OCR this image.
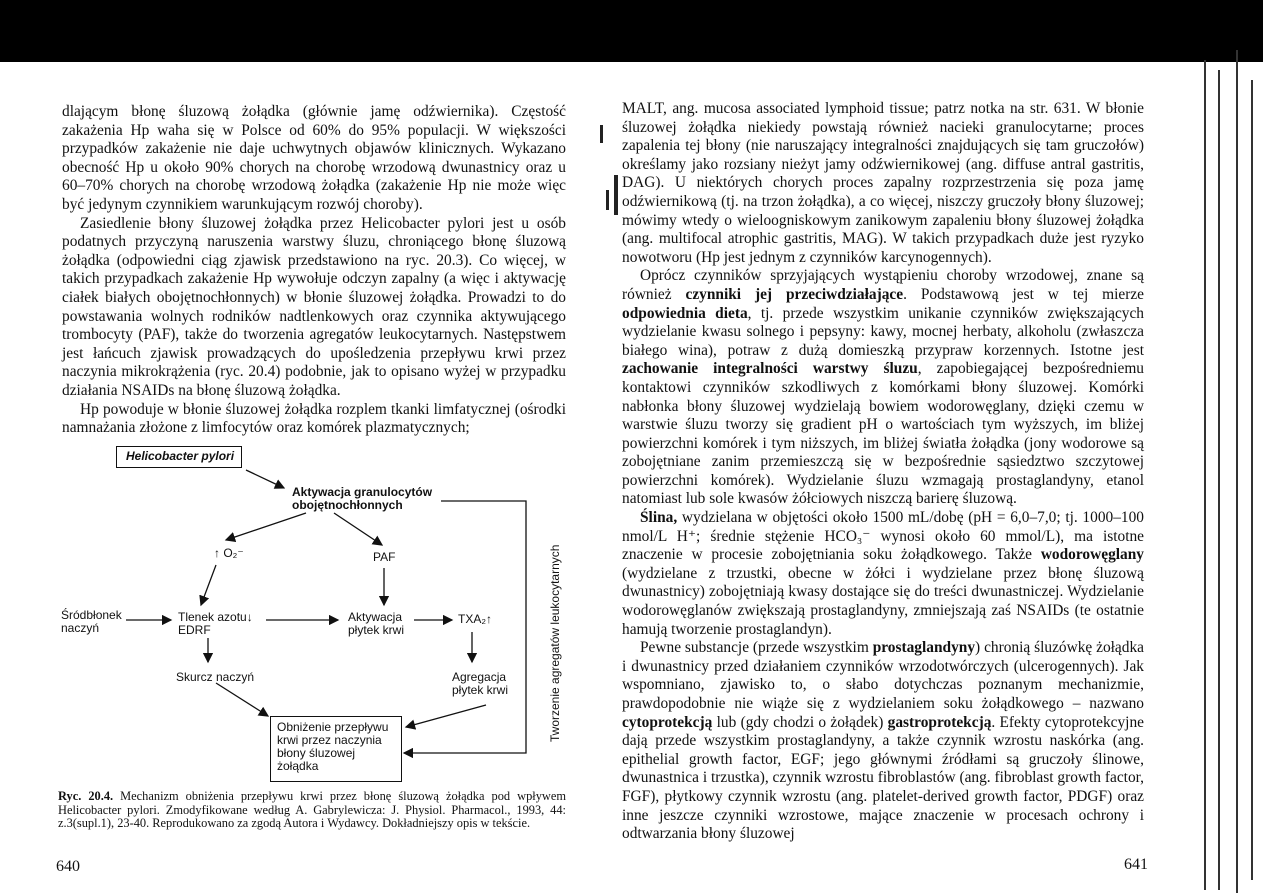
dlającym błonę śluzową żołądka (głównie jamę odźwiernika). Częstość zakażenia Hp waha się w Polsce od 60% do 95% populacji. W większości przypadków zakażenie nie daje uchwytnych objawów klinicznych. Wykazano obecność Hp u około 90% chorych na chorobę wrzodową dwunastnicy oraz u 60–70% chorych na chorobę wrzodową żołądka (zakażenie Hp nie może więc być jedynym czynnikiem warunkującym rozwój choroby).

Zasiedlenie błony śluzowej żołądka przez Helicobacter pylori jest u osób podatnych przyczyną naruszenia warstwy śluzu, chroniącego błonę śluzową żołądka (odpowiedni ciąg zjawisk przedstawiono na ryc. 20.3). Co więcej, w takich przypadkach zakażenie Hp wywołuje odczyn zapalny (a więc i aktywację ciałek białych obojętnochłonnych) w błonie śluzowej żołądka. Prowadzi to do powstawania wolnych rodników nadtlenkowych oraz czynnika aktywującego trombocyty (PAF), także do tworzenia agregatów leukocytarnych. Następstwem jest łańcuch zjawisk prowadzących do upośledzenia przepływu krwi przez naczynia mikrokrążenia (ryc. 20.4) podobnie, jak to opisano wyżej w przypadku działania NSAIDs na błonę śluzową żołądka.

Hp powoduje w błonie śluzowej żołądka rozplem tkanki limfatycznej (ośrodki namnażania złożone z limfocytów oraz komórek plazmatycznych;

Helicobacter pylori
Aktywacja granulocytów
obojętnochłonnych
↑ O₂⁻	PAF
Śródbłonek
naczyń
Tlenek azotu↓
EDRF
Aktywacja
płytek krwi
TXA₂↑
Skurcz naczyń	Agregacja
płytek krwi
Obniżenie przepływu
krwi przez naczynia
błony śluzowej
żołądka
Tworzenie agregatów leukocytarnych
Ryc. 20.4. Mechanizm obniżenia przepływu krwi przez błonę śluzową żołądka pod wpływem Helicobacter pylori. Zmodyfikowane według A. Gabrylewicza: J. Physiol. Pharmacol., 1993, 44: z.3(supl.1), 23-40. Reprodukowano za zgodą Autora i Wydawcy. Dokładniejszy opis w tekście.
640

MALT, ang. mucosa associated lymphoid tissue; patrz notka na str. 631. W błonie śluzowej żołądka niekiedy powstają również nacieki granulocytarne; proces zapalenia tej błony (nie naruszający integralności znajdujących się tam gruczołów) określamy jako rozsiany nieżyt jamy odźwiernikowej (ang. diffuse antral gastritis, DAG). U niektórych chorych proces zapalny rozprzestrzenia się poza jamę odźwiernikową (tj. na trzon żołądka), a co więcej, niszczy gruczoły błony śluzowej; mówimy wtedy o wieloogniskowym zanikowym zapaleniu błony śluzowej żołądka (ang. multifocal atrophic gastritis, MAG). W takich przypadkach duże jest ryzyko nowotworu (Hp jest jednym z czynników karcynogennych).

Oprócz czynników sprzyjających wystąpieniu choroby wrzodowej, znane są również czynniki jej przeciwdziałające. Podstawową jest w tej mierze odpowiednia dieta, tj. przede wszystkim unikanie czynników zwiększających wydzielanie kwasu solnego i pepsyny: kawy, mocnej herbaty, alkoholu (zwłaszcza białego wina), potraw z dużą domieszką przypraw korzennych. Istotne jest zachowanie integralności warstwy śluzu, zapobiegającej bezpośredniemu kontaktowi czynników szkodliwych z komórkami błony śluzowej. Komórki nabłonka błony śluzowej wydzielają bowiem wodorowęglany, dzięki czemu w warstwie śluzu tworzy się gradient pH o wartościach tym wyższych, im bliżej powierzchni komórek i tym niższych, im bliżej światła żołądka (jony wodorowe są zobojętniane zanim przemieszczą się w bezpośrednie sąsiedztwo szczytowej powierzchni komórek). Wydzielanie śluzu wzmagają prostaglandyny, etanol natomiast lub sole kwasów żółciowych niszczą barierę śluzową.

Ślina, wydzielana w objętości około 1500 mL/dobę (pH = 6,0–7,0; tj. 1000–100 nmol/L H⁺; średnie stężenie HCO₃⁻ wynosi około 60 mmol/L), ma istotne znaczenie w procesie zobojętniania soku żołądkowego. Także wodorowęglany (wydzielane z trzustki, obecne w żółci i wydzielane przez błonę śluzową dwunastnicy) zobojętniają kwasy dostające się do treści dwunastniczej. Wydzielanie wodorowęglanów zwiększają prostaglandyny, zmniejszają zaś NSAIDs (te ostatnie hamują tworzenie prostaglandyn).

Pewne substancje (przede wszystkim prostaglandyny) chronią śluzówkę żołądka i dwunastnicy przed działaniem czynników wrzodotwórczych (ulcerogennych). Jak wspomniano, zjawisko to, o słabo dotychczas poznanym mechanizmie, prawdopodobnie nie wiąże się z wydzielaniem soku żołądkowego – nazwano cytoprotekcją lub (gdy chodzi o żołądek) gastroprotekcją. Efekty cytoprotekcyjne dają przede wszystkim prostaglandyny, a także czynnik wzrostu naskórka (ang. epithelial growth factor, EGF; jego głównymi źródłami są gruczoły ślinowe, dwunastnica i trzustka), czynnik wzrostu fibroblastów (ang. fibroblast growth factor, FGF), płytkowy czynnik wzrostu (ang. platelet-derived growth factor, PDGF) oraz inne jeszcze czynniki wzrostowe, mające znaczenie w procesach ochrony i odtwarzania błony śluzowej

641
